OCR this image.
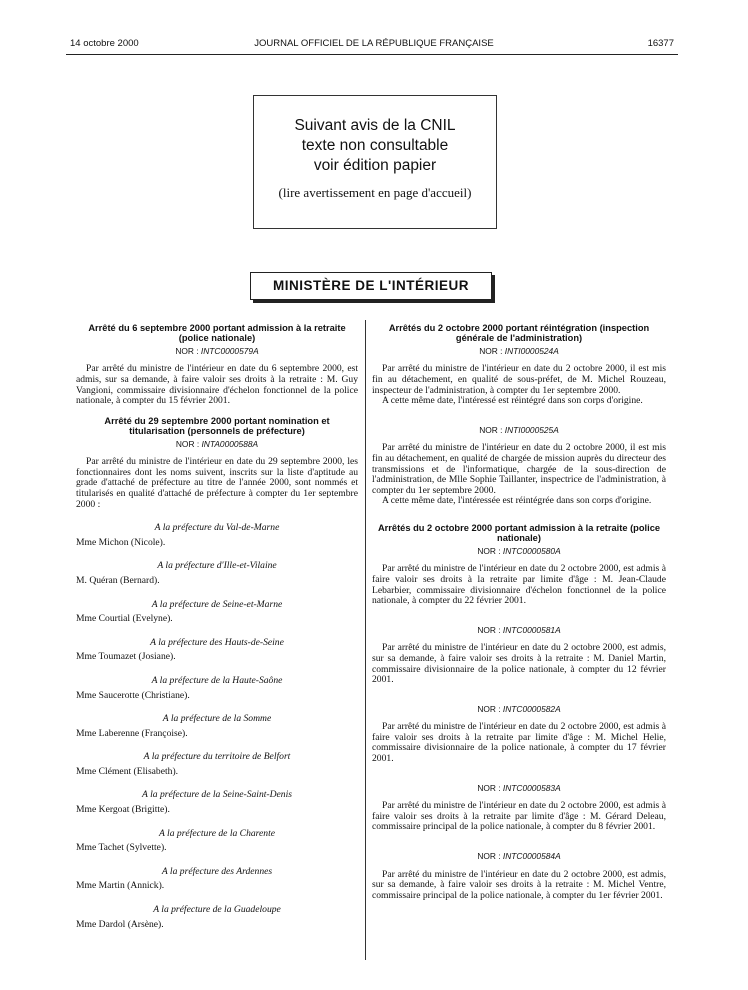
14 octobre 2000	JOURNAL OFFICIEL DE LA RÉPUBLIQUE FRANÇAISE	16377
Suivant avis de la CNIL
texte non consultable
voir édition papier
(lire avertissement en page d'accueil)
MINISTÈRE DE L'INTÉRIEUR
Arrêté du 6 septembre 2000 portant admission à la retraite (police nationale)
NOR : INTC0000579A

Par arrêté du ministre de l'intérieur en date du 6 septembre 2000, est admis, sur sa demande, à faire valoir ses droits à la retraite : M. Guy Vangioni, commissaire divisionnaire d'échelon fonctionnel de la police nationale, à compter du 15 février 2001.

Arrêté du 29 septembre 2000 portant nomination et titularisation (personnels de préfecture)
NOR : INTA0000588A

Par arrêté du ministre de l'intérieur en date du 29 septembre 2000, les fonctionnaires dont les noms suivent, inscrits sur la liste d'aptitude au grade d'attaché de préfecture au titre de l'année 2000, sont nommés et titularisés en qualité d'attaché de préfecture à compter du 1er septembre 2000 :

A la préfecture du Val-de-Marne
Mme Michon (Nicole).
A la préfecture d'Ille-et-Vilaine
M. Quéran (Bernard).
A la préfecture de Seine-et-Marne
Mme Courtial (Evelyne).
A la préfecture des Hauts-de-Seine
Mme Toumazet (Josiane).
A la préfecture de la Haute-Saône
Mme Saucerotte (Christiane).
A la préfecture de la Somme
Mme Laberenne (Françoise).
A la préfecture du territoire de Belfort
Mme Clément (Elisabeth).
A la préfecture de la Seine-Saint-Denis
Mme Kergoat (Brigitte).
A la préfecture de la Charente
Mme Tachet (Sylvette).
A la préfecture des Ardennes
Mme Martin (Annick).
A la préfecture de la Guadeloupe
Mme Dardol (Arsène).
Arrêtés du 2 octobre 2000 portant réintégration (inspection générale de l'administration)
NOR : INTI0000524A

Par arrêté du ministre de l'intérieur en date du 2 octobre 2000, il est mis fin au détachement, en qualité de sous-préfet, de M. Michel Rouzeau, inspecteur de l'administration, à compter du 1er septembre 2000.

A cette même date, l'intéressé est réintégré dans son corps d'origine.

NOR : INTI0000525A

Par arrêté du ministre de l'intérieur en date du 2 octobre 2000, il est mis fin au détachement, en qualité de chargée de mission auprès du directeur des transmissions et de l'informatique, chargée de la sous-direction de l'administration, de Mlle Sophie Taillanter, inspectrice de l'administration, à compter du 1er septembre 2000.

A cette même date, l'intéressée est réintégrée dans son corps d'origine.

Arrêtés du 2 octobre 2000 portant admission à la retraite (police nationale)
NOR : INTC0000580A

Par arrêté du ministre de l'intérieur en date du 2 octobre 2000, est admis à faire valoir ses droits à la retraite par limite d'âge : M. Jean-Claude Lebarbier, commissaire divisionnaire d'échelon fonctionnel de la police nationale, à compter du 22 février 2001.

NOR : INTC0000581A

Par arrêté du ministre de l'intérieur en date du 2 octobre 2000, est admis, sur sa demande, à faire valoir ses droits à la retraite : M. Daniel Martin, commissaire divisionnaire de la police nationale, à compter du 12 février 2001.

NOR : INTC0000582A

Par arrêté du ministre de l'intérieur en date du 2 octobre 2000, est admis à faire valoir ses droits à la retraite par limite d'âge : M. Michel Helie, commissaire divisionnaire de la police nationale, à compter du 17 février 2001.

NOR : INTC0000583A

Par arrêté du ministre de l'intérieur en date du 2 octobre 2000, est admis à faire valoir ses droits à la retraite par limite d'âge : M. Gérard Deleau, commissaire principal de la police nationale, à compter du 8 février 2001.

NOR : INTC0000584A

Par arrêté du ministre de l'intérieur en date du 2 octobre 2000, est admis, sur sa demande, à faire valoir ses droits à la retraite : M. Michel Ventre, commissaire principal de la police nationale, à compter du 1er février 2001.
